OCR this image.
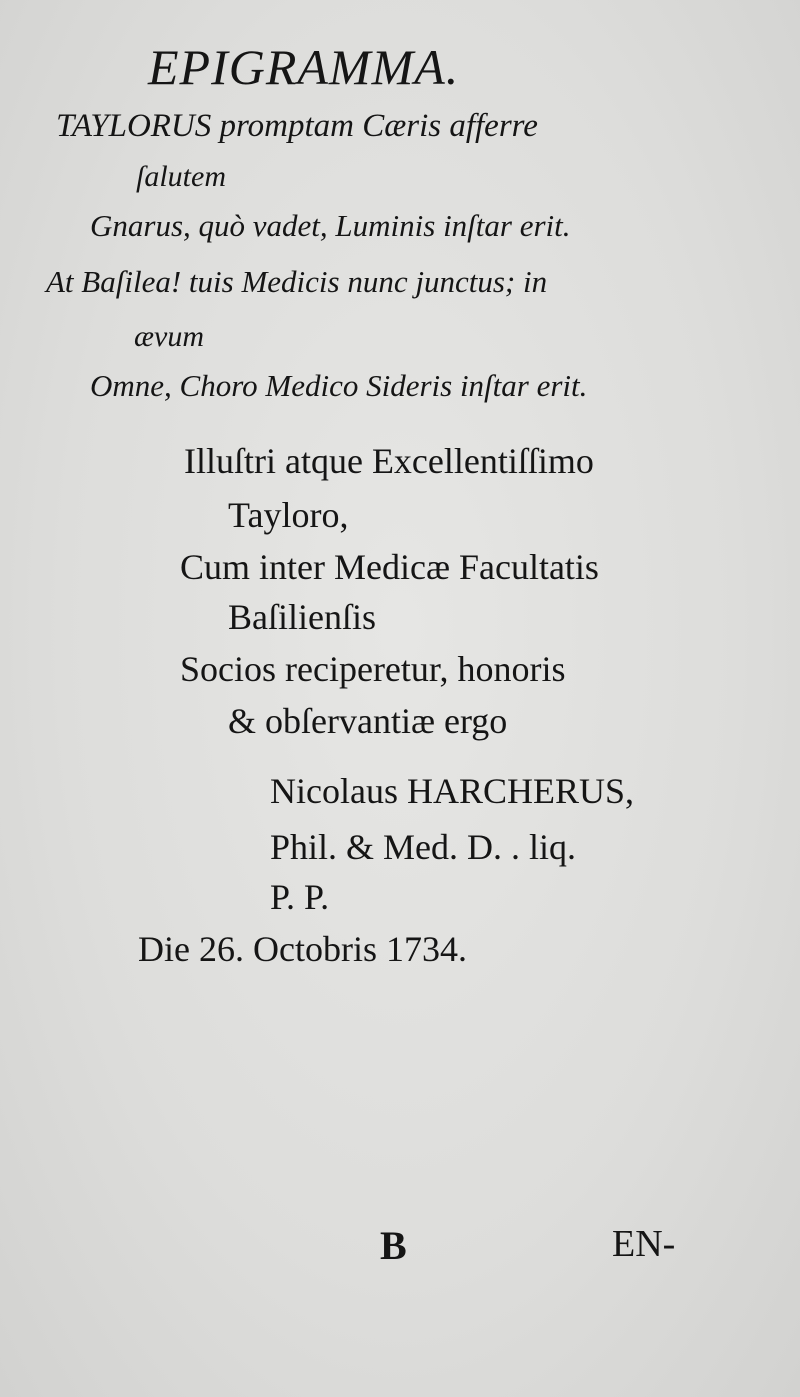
EPIGRAMMA.
TAYLORUS promptam Cæris afferre
ſalutem
Gnarus, quò vadet, Luminis inſtar erit.
At Baſilea! tuis Medicis nunc junctus; in
ævum
Omne, Choro Medico Sideris inſtar erit.
Illuſtri atque Excellentiſſimo
Tayloro,
Cum inter Medicæ Facultatis
Baſilienſis
Socios reciperetur, honoris
& obſervantiæ ergo
Nicolaus HARCHERUS,
Phil. & Med. D. . liq.
P. P.
Die 26. Octobris 1734.
B	EN-
